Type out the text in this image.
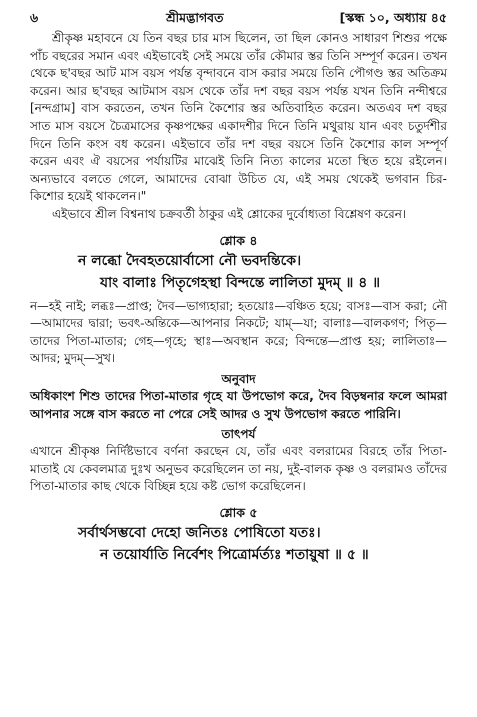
৬	শ্রীমদ্ভাগবত	[স্কন্ধ ১০, অধ্যায় ৪৫

শ্রীকৃষ্ণ মহাবনে যে তিন বছর চার মাস ছিলেন, তা ছিল কোনও সাধারণ শিশুর পক্ষে পাঁচ বছরের সমান এবং এইভাবেই সেই সময়ে তাঁর কৌমার স্তর তিনি সম্পূর্ণ করেন। তখন থেকে ছ'বছর আট মাস বয়স পর্যন্ত বৃন্দাবনে বাস করার সময়ে তিনি পৌগণ্ড স্তর অতিক্রম করেন। আর ছ'বছর আটমাস বয়স থেকে তাঁর দশ বছর বয়স পর্যন্ত যখন তিনি নন্দীশ্বরে [নন্দগ্রাম] বাস করতেন, তখন তিনি কৈশোর স্তর অতিবাহিত করেন। অতএব দশ বছর সাত মাস বয়সে চৈত্রমাসের কৃষ্ণপক্ষের একাদশীর দিনে তিনি মথুরায় যান এবং চতুর্দশীর দিনে তিনি কংস বধ করেন। এইভাবে তাঁর দশ বছর বয়সে তিনি কৈশোর কাল সম্পূর্ণ করেন এবং ঐ বয়সের পর্যায়টির মাঝেই তিনি নিত্য কালের মতো স্থিত হয়ে রইলেন। অন্যভাবে বলতে গেলে, আমাদের বোঝা উচিত যে, এই সময় থেকেই ভগবান চির-কিশোর হয়েই থাকলেন।"

এইভাবে শ্রীল বিশ্বনাথ চক্রবর্তী ঠাকুর এই শ্লোকের দুর্বোধ্যতা বিশ্লেষণ করেন।

শ্লোক ৪
ন লব্ধো দৈবহতয়োর্বাসো নৌ ভবদন্তিকে।
যাং বালাঃ পিতৃগেহস্থা বিন্দন্তে লালিতা মুদম্ ॥ ৪ ॥

ন—হই নাই; লব্ধঃ—প্রাপ্ত; দৈব—ভাগ্যহারা; হতয়োঃ—বঞ্চিত হয়ে; বাসঃ—বাস করা; নৌ—আমাদের দ্বারা; ভবৎ-অন্তিকে—আপনার নিকটে; যাম্—যা; বালাঃ—বালকগণ; পিতৃ—তাদের পিতা-মাতার; গেহ—গৃহে; স্থাঃ—অবস্থান করে; বিন্দন্তে—প্রাপ্ত হয়; লালিতাঃ—আদর; মুদম্—সুখ।

অনুবাদ

অধিকাংশ শিশু তাদের পিতা-মাতার গৃহে যা উপভোগ করে, দৈব বিড়ম্বনার ফলে আমরা আপনার সঙ্গে বাস করতে না পেরে সেই আদর ও সুখ উপভোগ করতে পারিনি।

তাৎপর্য

এখানে শ্রীকৃষ্ণ নির্দিষ্টভাবে বর্ণনা করছেন যে, তাঁর এবং বলরামের বিরহে তাঁর পিতা-মাতাই যে কেবলমাত্র দুঃখ অনুভব করেছিলেন তা নয়, দুই-বালক কৃষ্ণ ও বলরামও তাঁদের পিতা-মাতার কাছ থেকে বিচ্ছিন্ন হয়ে কষ্ট ভোগ করেছিলেন।

শ্লোক ৫
সর্বার্থসম্ভবো দেহো জনিতঃ পোষিতো যতঃ।
ন তয়োর্যাতি নির্বেশং পিত্রোর্মর্ত্যঃ শতায়ুষা ॥ ৫ ॥
